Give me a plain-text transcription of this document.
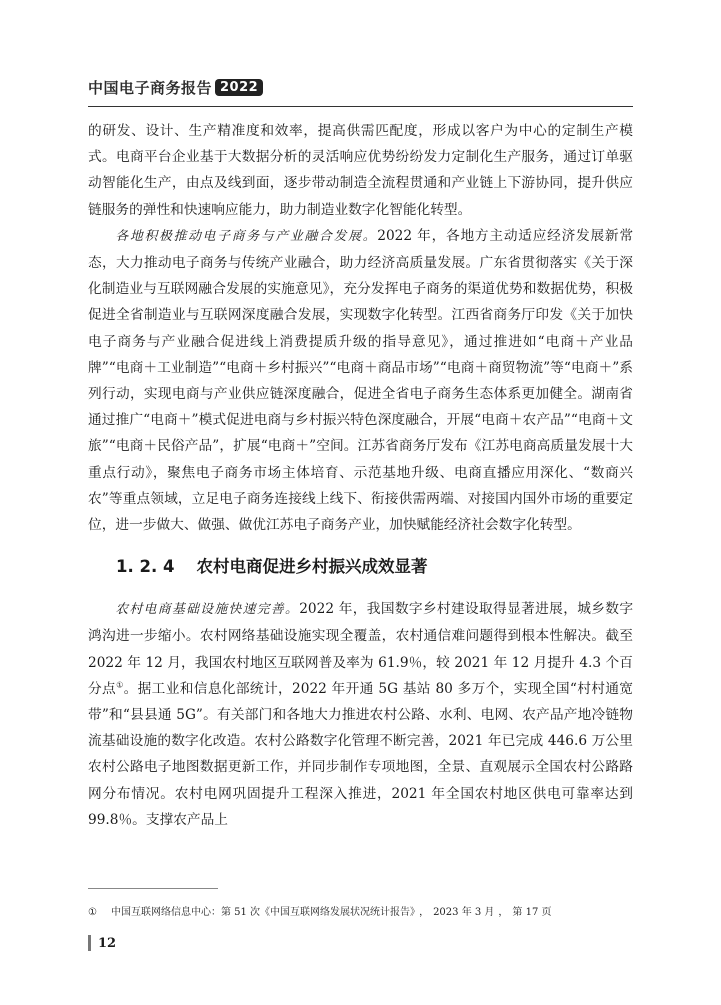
中国电子商务报告 2022

的研发、设计、生产精准度和效率，提高供需匹配度，形成以客户为中心的定制生产模式。电商平台企业基于大数据分析的灵活响应优势纷纷发力定制化生产服务，通过订单驱动智能化生产，由点及线到面，逐步带动制造全流程贯通和产业链上下游协同，提升供应链服务的弹性和快速响应能力，助力制造业数字化智能化转型。

各地积极推动电子商务与产业融合发展。2022 年，各地方主动适应经济发展新常态，大力推动电子商务与传统产业融合，助力经济高质量发展。广东省贯彻落实《关于深化制造业与互联网融合发展的实施意见》，充分发挥电子商务的渠道优势和数据优势，积极促进全省制造业与互联网深度融合发展，实现数字化转型。江西省商务厅印发《关于加快电子商务与产业融合促进线上消费提质升级的指导意见》，通过推进如“电商＋产业品牌”“电商＋工业制造”“电商＋乡村振兴”“电商＋商品市场”“电商＋商贸物流”等“电商＋”系列行动，实现电商与产业供应链深度融合，促进全省电子商务生态体系更加健全。湖南省通过推广“电商＋”模式促进电商与乡村振兴特色深度融合，开展“电商＋农产品”“电商＋文旅”“电商＋民俗产品”，扩展“电商＋”空间。江苏省商务厅发布《江苏电商高质量发展十大重点行动》，聚焦电子商务市场主体培育、示范基地升级、电商直播应用深化、“数商兴农”等重点领域，立足电子商务连接线上线下、衔接供需两端、对接国内国外市场的重要定位，进一步做大、做强、做优江苏电子商务产业，加快赋能经济社会数字化转型。

1. 2. 4 农村电商促进乡村振兴成效显著

农村电商基础设施快速完善。2022 年，我国数字乡村建设取得显著进展，城乡数字鸿沟进一步缩小。农村网络基础设施实现全覆盖，农村通信难问题得到根本性解决。截至 2022 年 12 月，我国农村地区互联网普及率为 61.9％，较 2021 年 12 月提升 4.3 个百分点①。据工业和信息化部统计，2022 年开通 5G 基站 80 多万个，实现全国“村村通宽带”和“县县通 5G”。有关部门和各地大力推进农村公路、水利、电网、农产品产地冷链物流基础设施的数字化改造。农村公路数字化管理不断完善，2021 年已完成 446.6 万公里农村公路电子地图数据更新工作，并同步制作专项地图，全景、直观展示全国农村公路路网分布情况。农村电网巩固提升工程深入推进，2021 年全国农村地区供电可靠率达到 99.8％。支撑农产品上

① 中国互联网络信息中心：第 51 次《中国互联网络发展状况统计报告》 ， 2023 年 3 月 ， 第 17 页
12
